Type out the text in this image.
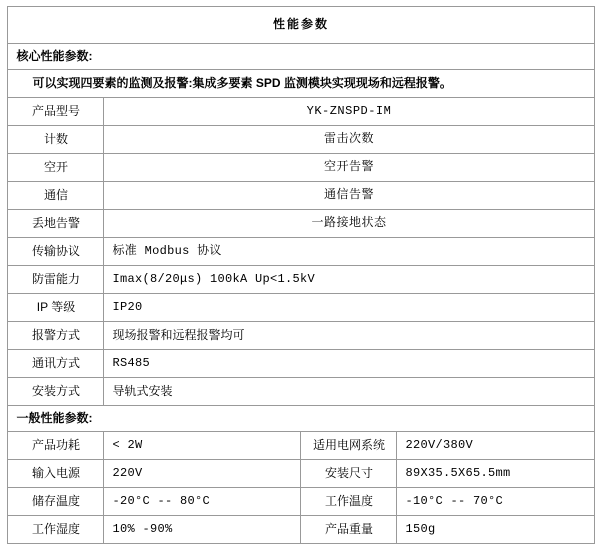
性能参数			
核心性能参数:			
可以实现四要素的监测及报警:集成多要素 SPD 监测模块实现现场和远程报警。			
产品型号	YK-ZNSPD-IM		
计数	雷击次数		
空开	空开告警		
通信	通信告警		
丢地告警	一路接地状态		
传输协议	标准 Modbus 协议		
防雷能力	Imax(8/20μs) 100kA Up<1.5kV		
IP 等级	IP20		
报警方式	现场报警和远程报警均可		
通讯方式	RS485		
安装方式	导轨式安装		
一般性能参数:			
产品功耗	< 2W	适用电网系统	220V/380V
输入电源	220V	安装尺寸	89X35.5X65.5mm
储存温度	-20°C -- 80°C	工作温度	-10°C -- 70°C
工作湿度	10% -90%	产品重量	150g
